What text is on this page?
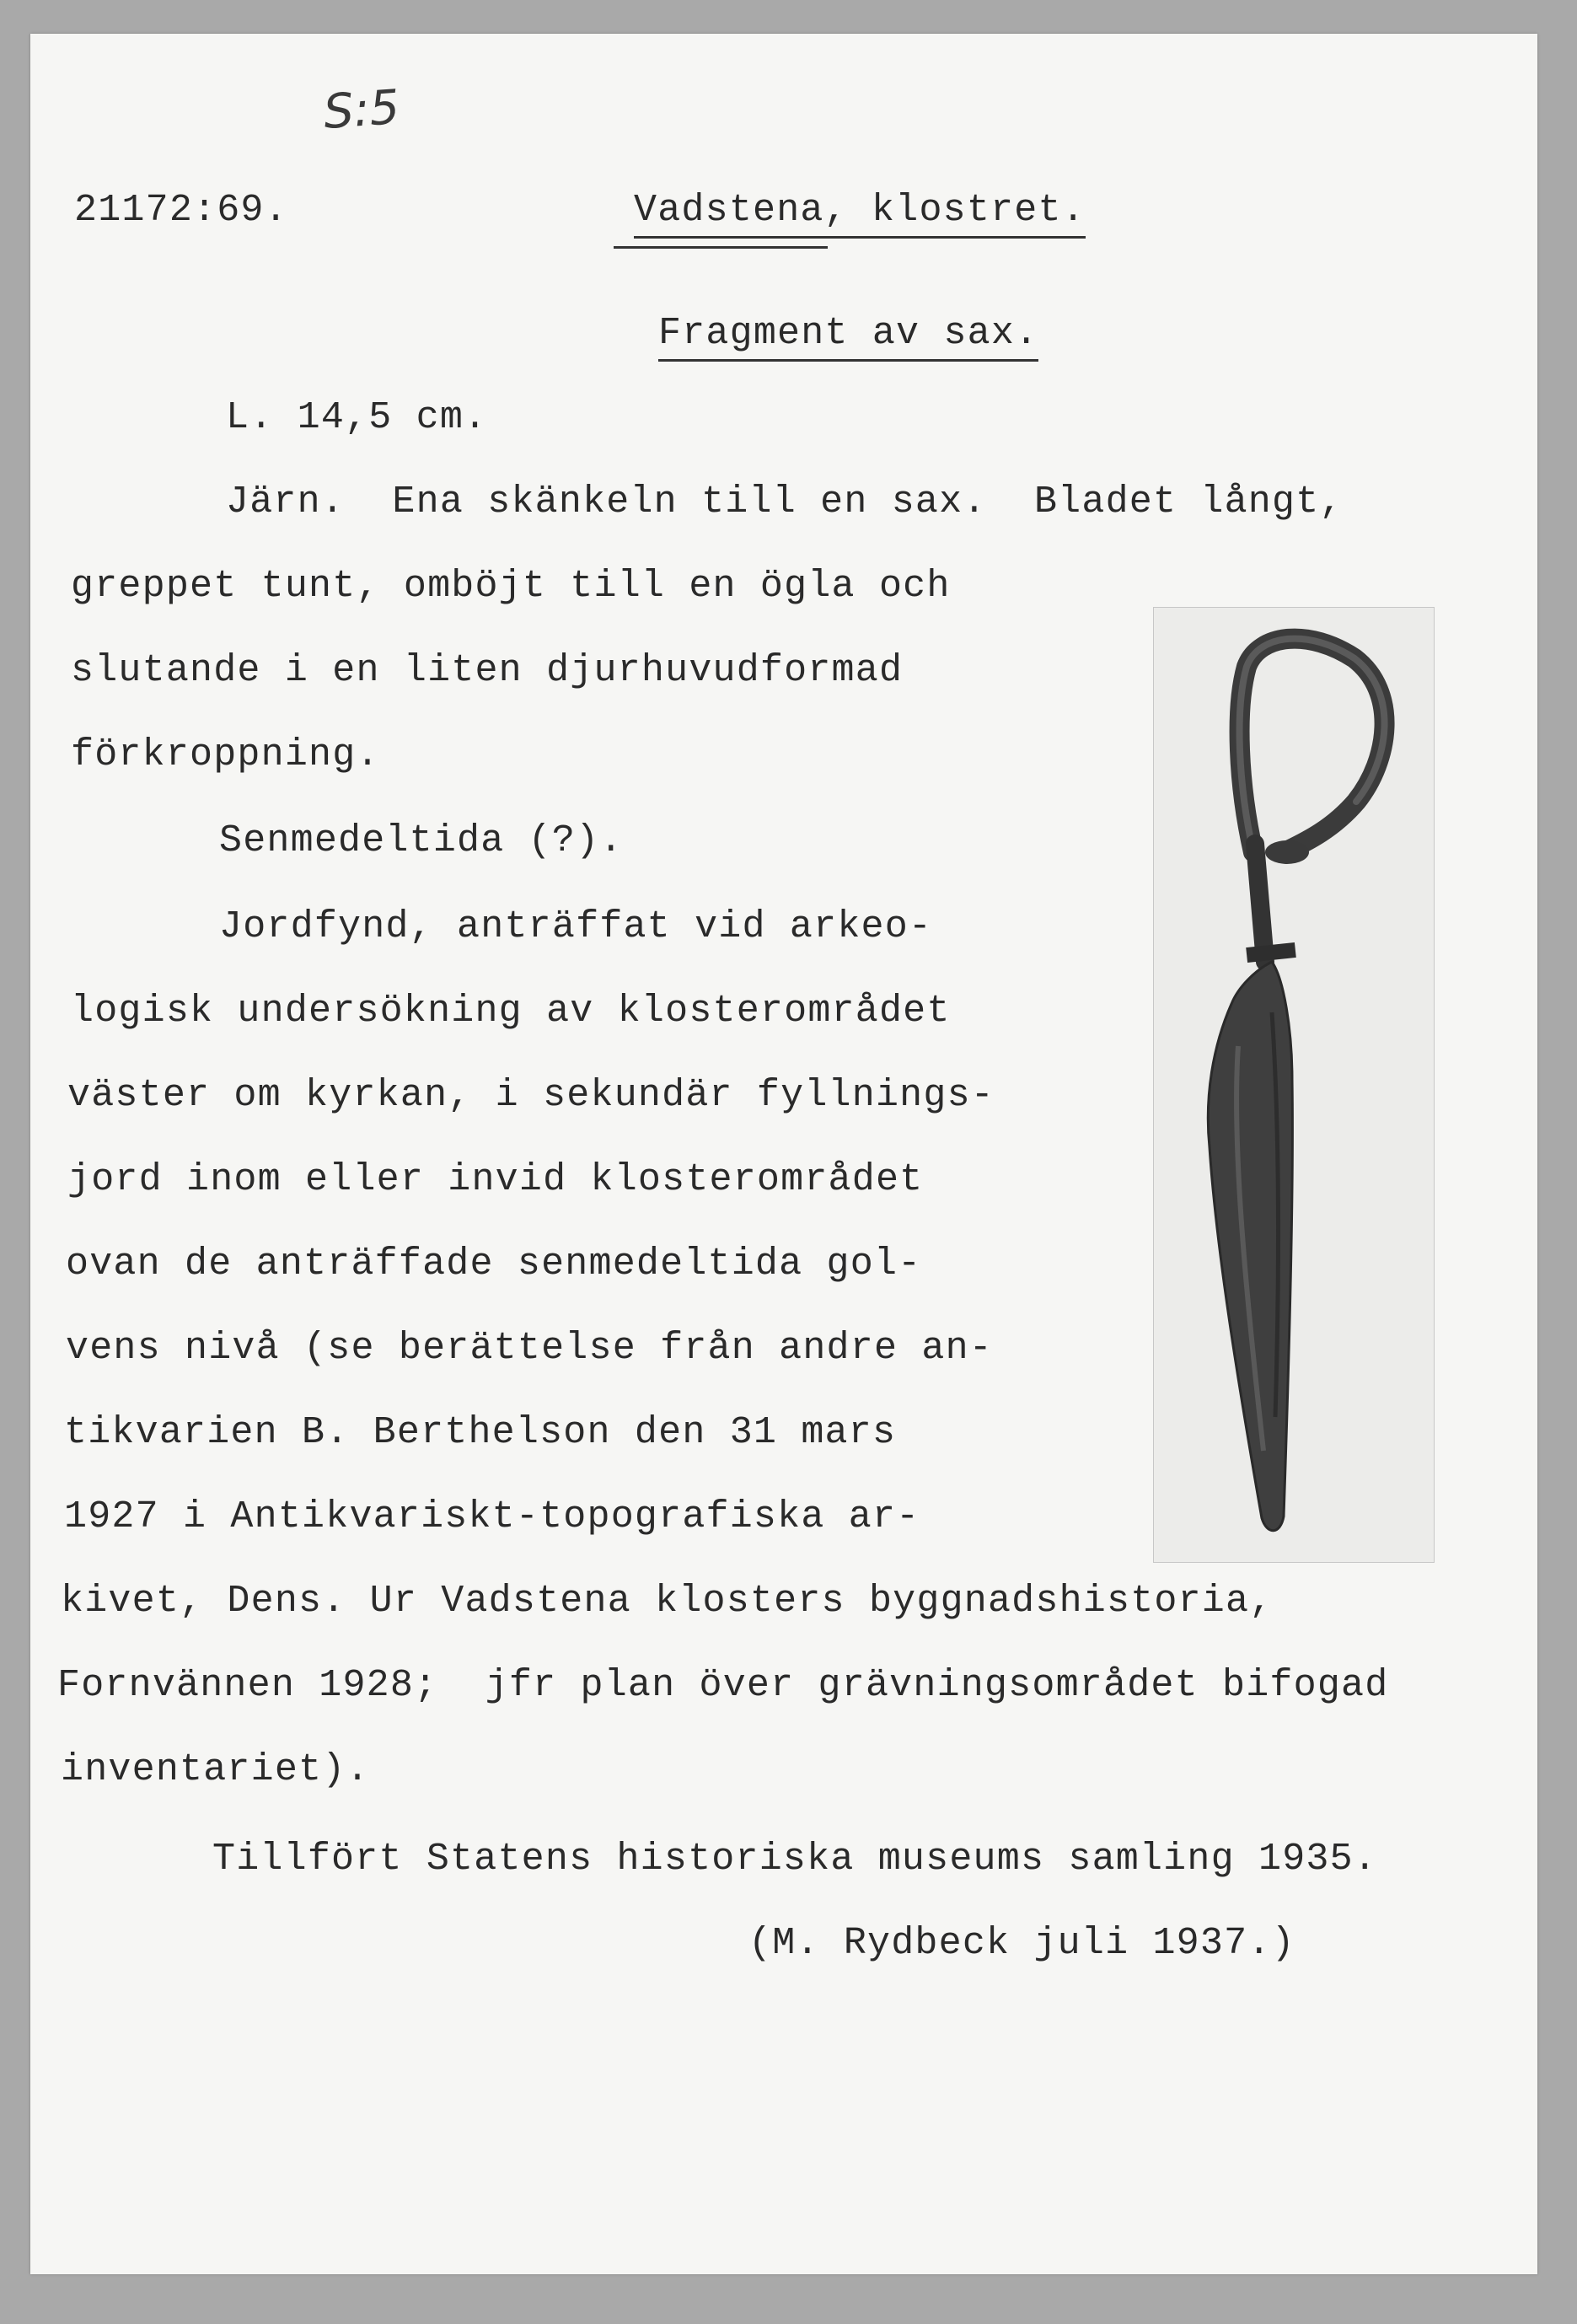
S:5
21172:69.	Vadstena, klostret.
Fragment av sax.
L. 14,5 cm.
Järn.  Ena skänkeln till en sax.  Bladet långt,
greppet tunt, omböjt till en ögla och
slutande i en liten djurhuvudformad
förkroppning.
Senmedeltida (?).
Jordfynd, anträffat vid arkeo-
logisk undersökning av klosterområdet
väster om kyrkan, i sekundär fyllnings-
jord inom eller invid klosterområdet
ovan de anträffade senmedeltida gol-
vens nivå (se berättelse från andre an-
tikvarien B. Berthelson den 31 mars
1927 i Antikvariskt-topografiska ar-
kivet, Dens. Ur Vadstena klosters byggnadshistoria,
Fornvännen 1928;  jfr plan över grävningsområdet bifogad
inventariet).
Tillfört Statens historiska museums samling 1935.
(M. Rydbeck juli 1937.)
